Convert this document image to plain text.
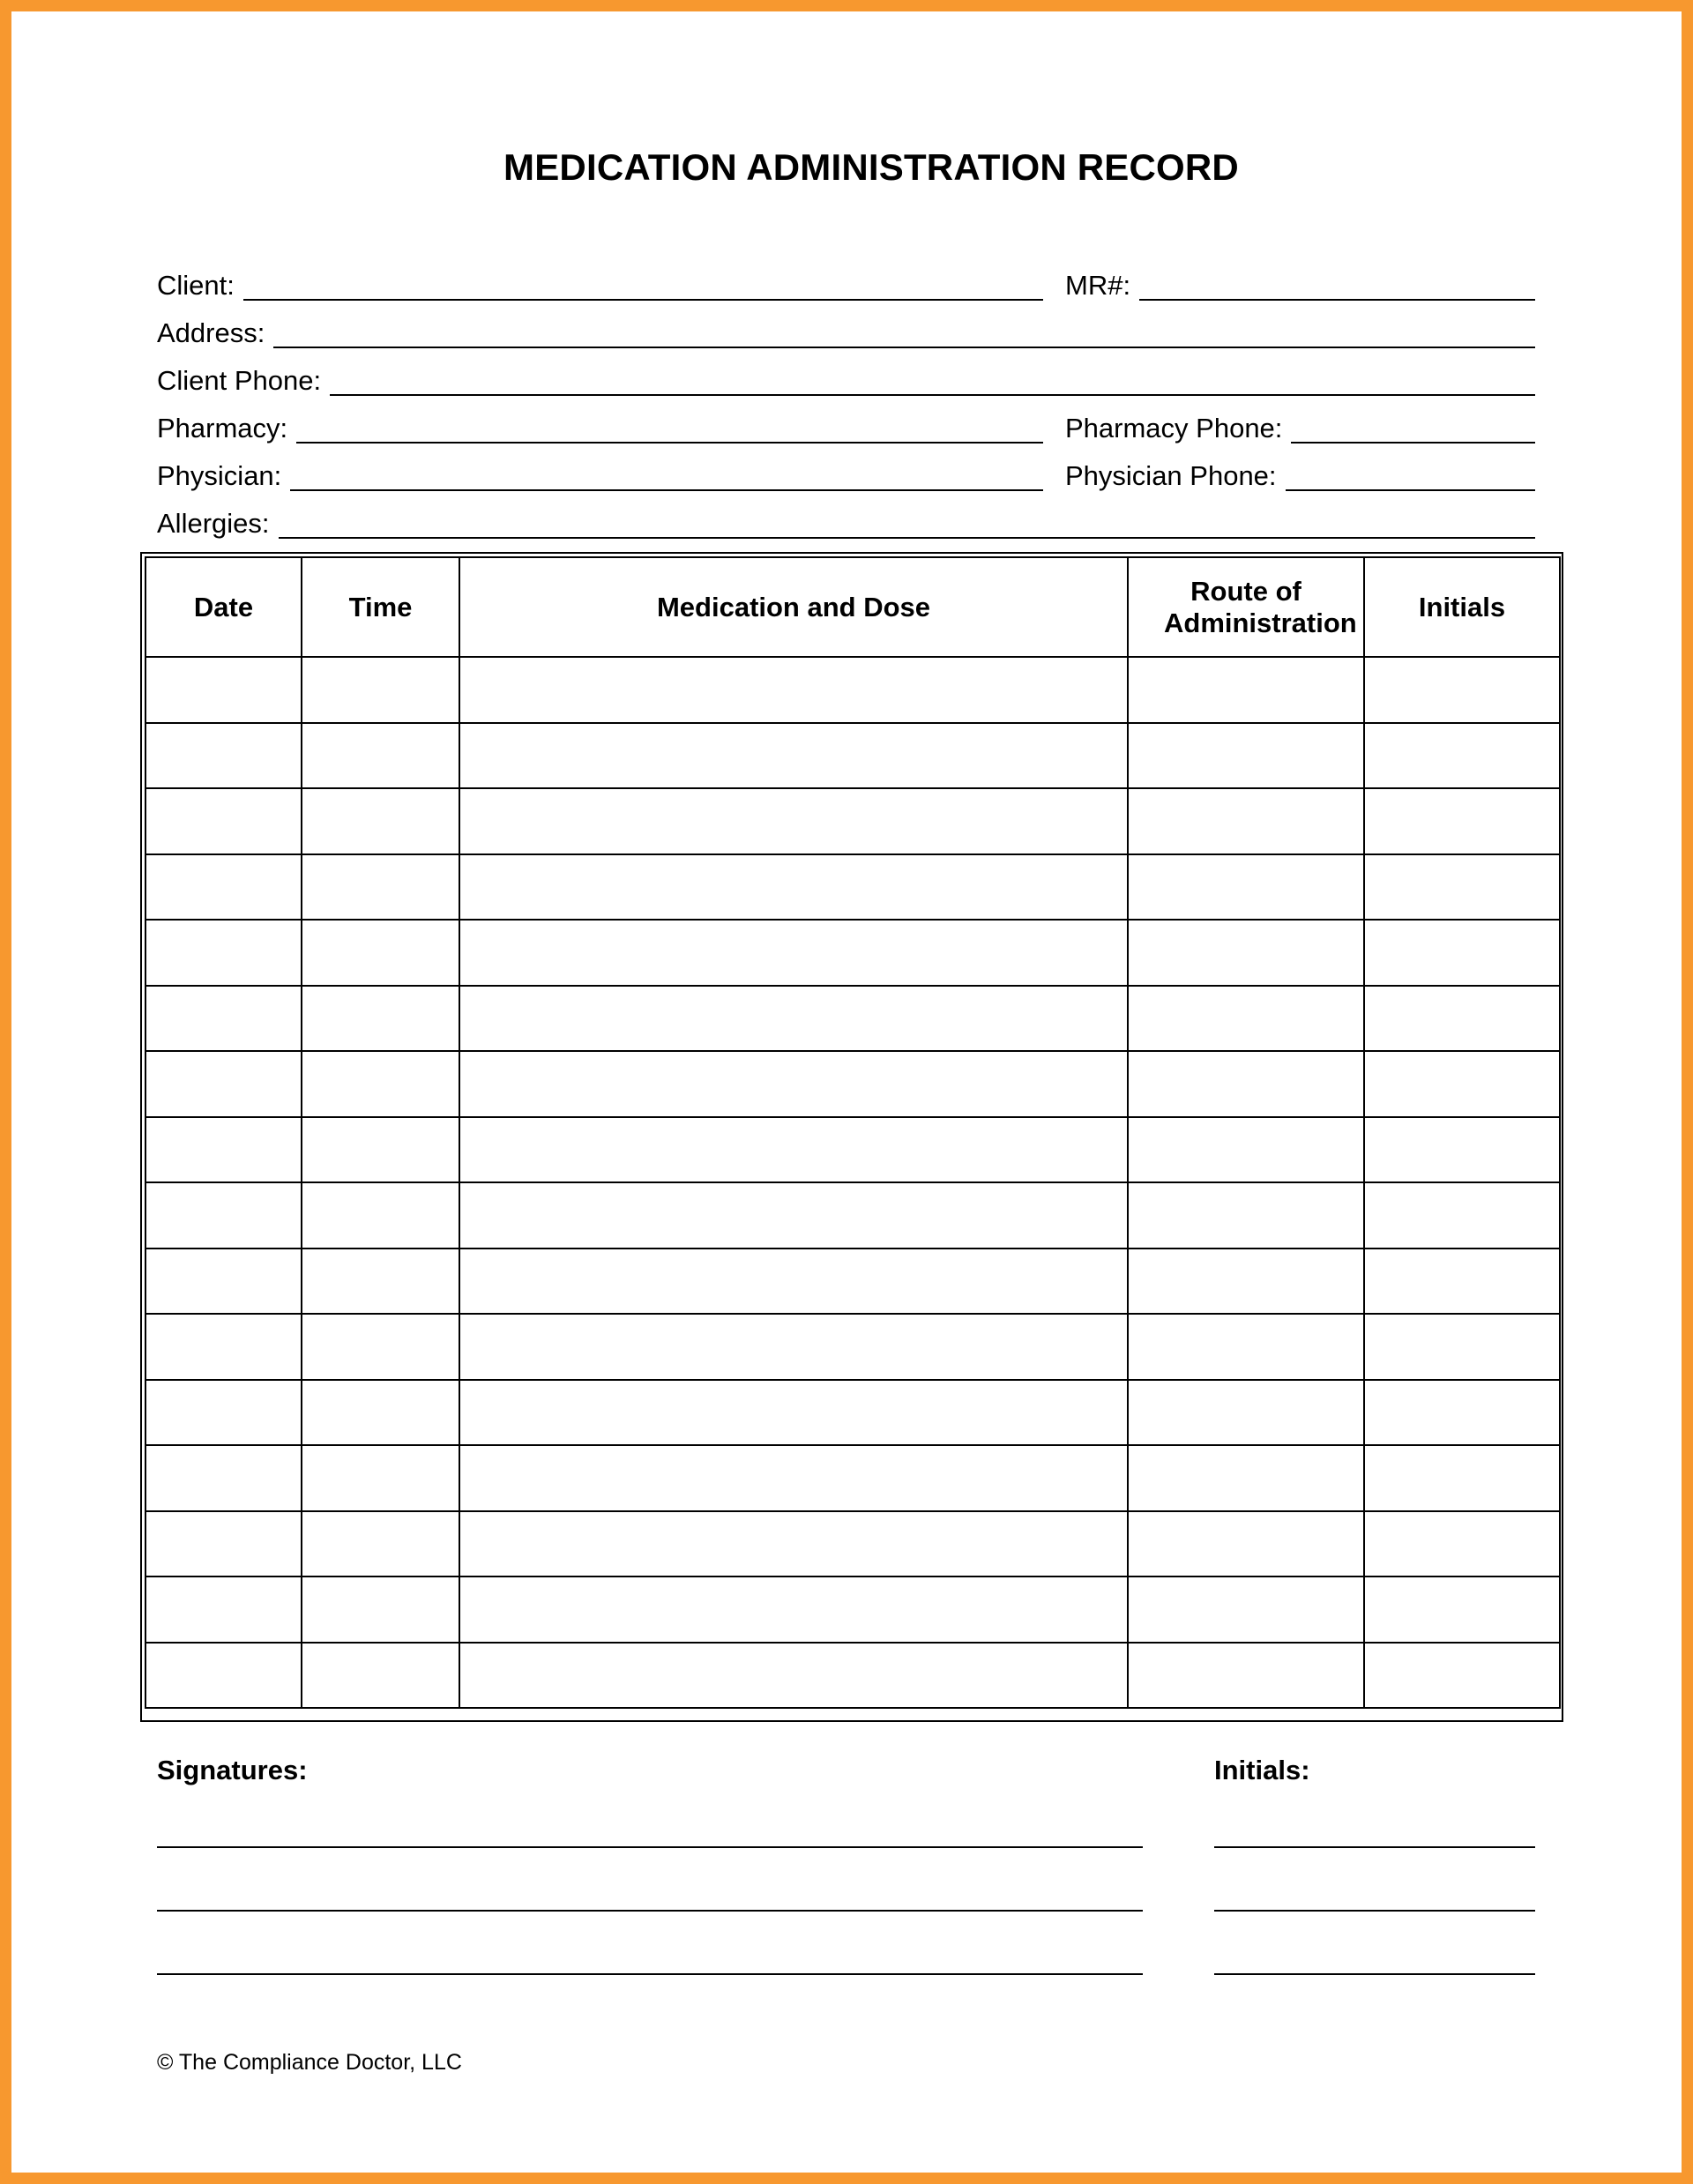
MEDICATION ADMINISTRATION RECORD
Client:	MR#:
Address:
Client Phone:
Pharmacy:	Pharmacy Phone:
Physician:	Physician Phone:
Allergies:
Date	Time	Medication and Dose	Route of Administration	Initials

Signatures:	Initials:
© The Compliance Doctor, LLC
